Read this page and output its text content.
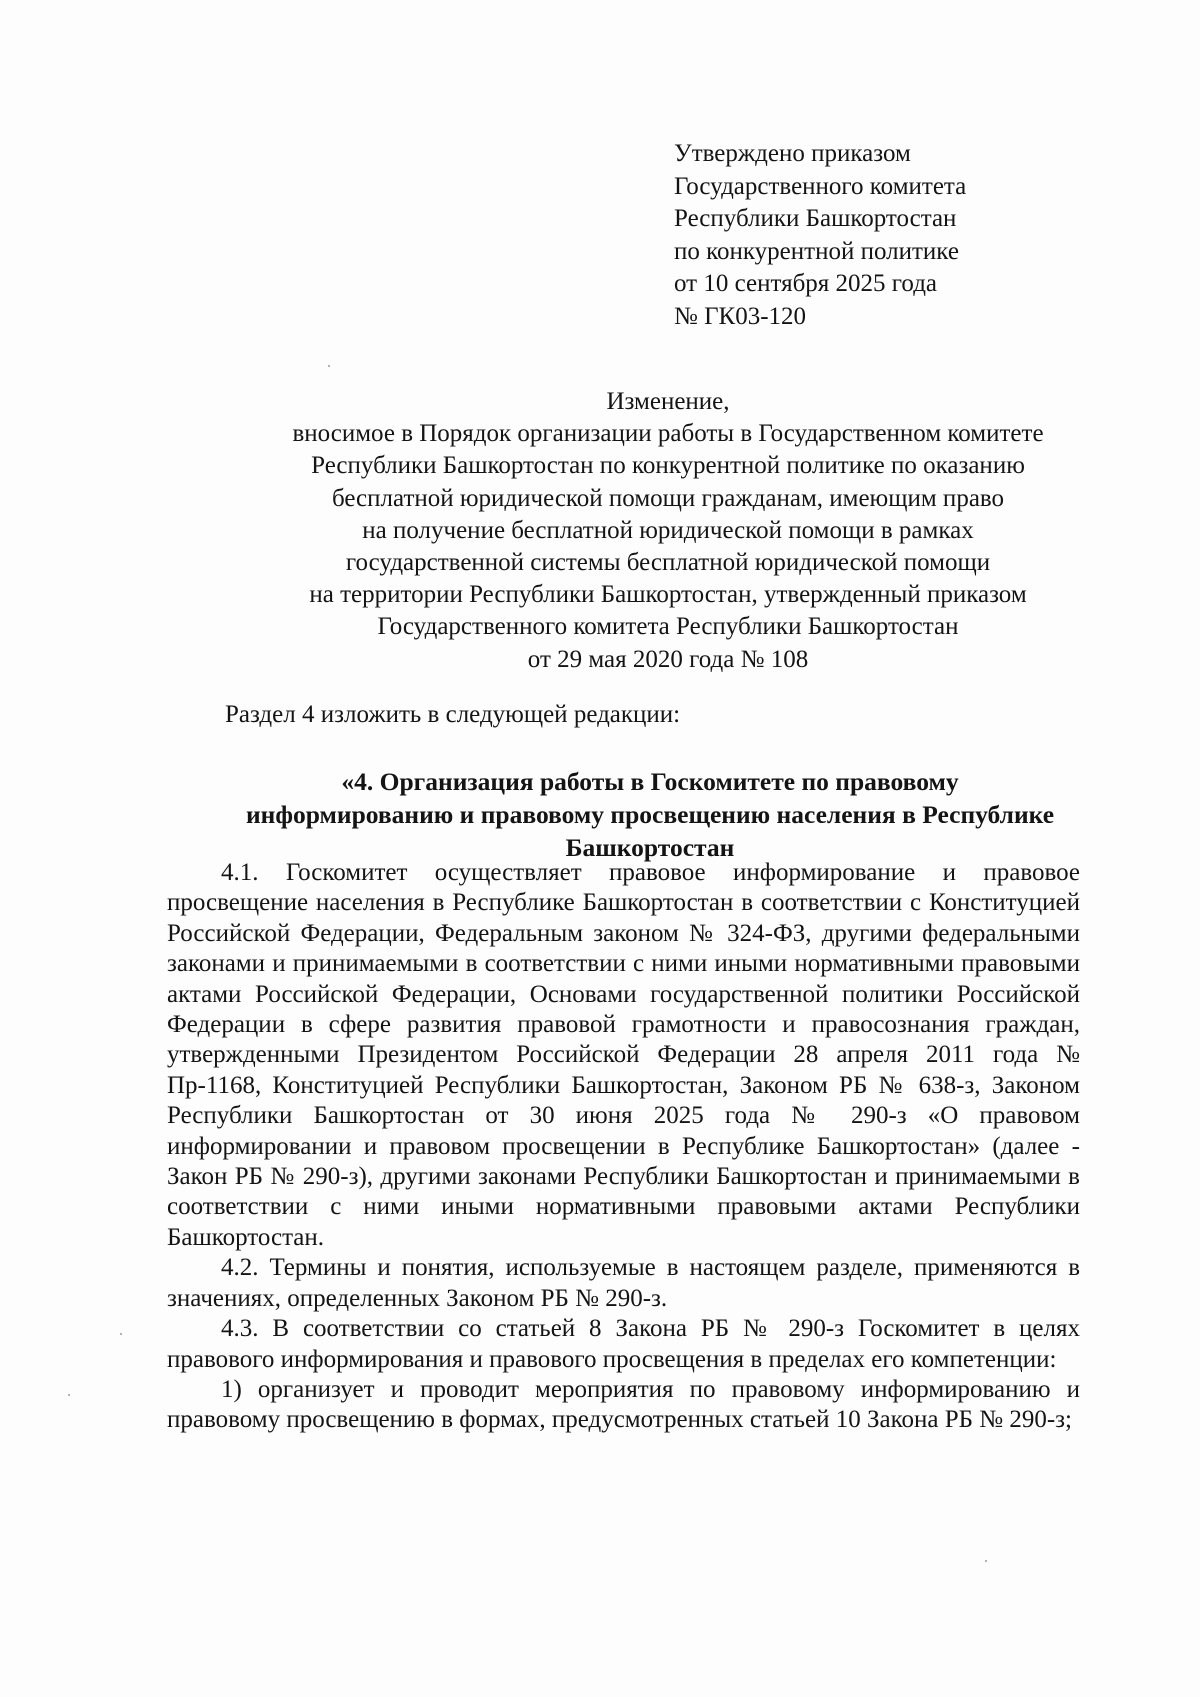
Утверждено приказом
Государственного комитета
Республики Башкортостан
по конкурентной политике
от 10 сентября 2025 года
№ ГК03-120
Изменение,
вносимое в Порядок организации работы в Государственном комитете
Республики Башкортостан по конкурентной политике по оказанию
бесплатной юридической помощи гражданам, имеющим право
на получение бесплатной юридической помощи в рамках
государственной системы бесплатной юридической помощи
на территории Республики Башкортостан, утвержденный приказом
Государственного комитета Республики Башкортостан
от 29 мая 2020 года № 108
Раздел 4 изложить в следующей редакции:
«4. Организация работы в Госкомитете по правовому
информированию и правовому просвещению населения в Республике
Башкортостан

4.1. Госкомитет осуществляет правовое информирование и правовое просвещение населения в Республике Башкортостан в соответствии с Конституцией Российской Федерации, Федеральным законом № 324-ФЗ, другими федеральными законами и принимаемыми в соответствии с ними иными нормативными правовыми актами Российской Федерации, Основами государственной политики Российской Федерации в сфере развития правовой грамотности и правосознания граждан, утвержденными Президентом Российской Федерации 28 апреля 2011 года № Пр-1168, Конституцией Республики Башкортостан, Законом РБ № 638-з, Законом Республики Башкортостан от 30 июня 2025 года № 290-з «О правовом информировании и правовом просвещении в Республике Башкортостан» (далее - Закон РБ № 290-з), другими законами Республики Башкортостан и принимаемыми в соответствии с ними иными нормативными правовыми актами Республики Башкортостан.

4.2. Термины и понятия, используемые в настоящем разделе, применяются в значениях, определенных Законом РБ № 290-з.

4.3. В соответствии со статьей 8 Закона РБ № 290-з Госкомитет в целях правового информирования и правового просвещения в пределах его компетенции:

1) организует и проводит мероприятия по правовому информированию и правовому просвещению в формах, предусмотренных статьей 10 Закона РБ № 290-з;
